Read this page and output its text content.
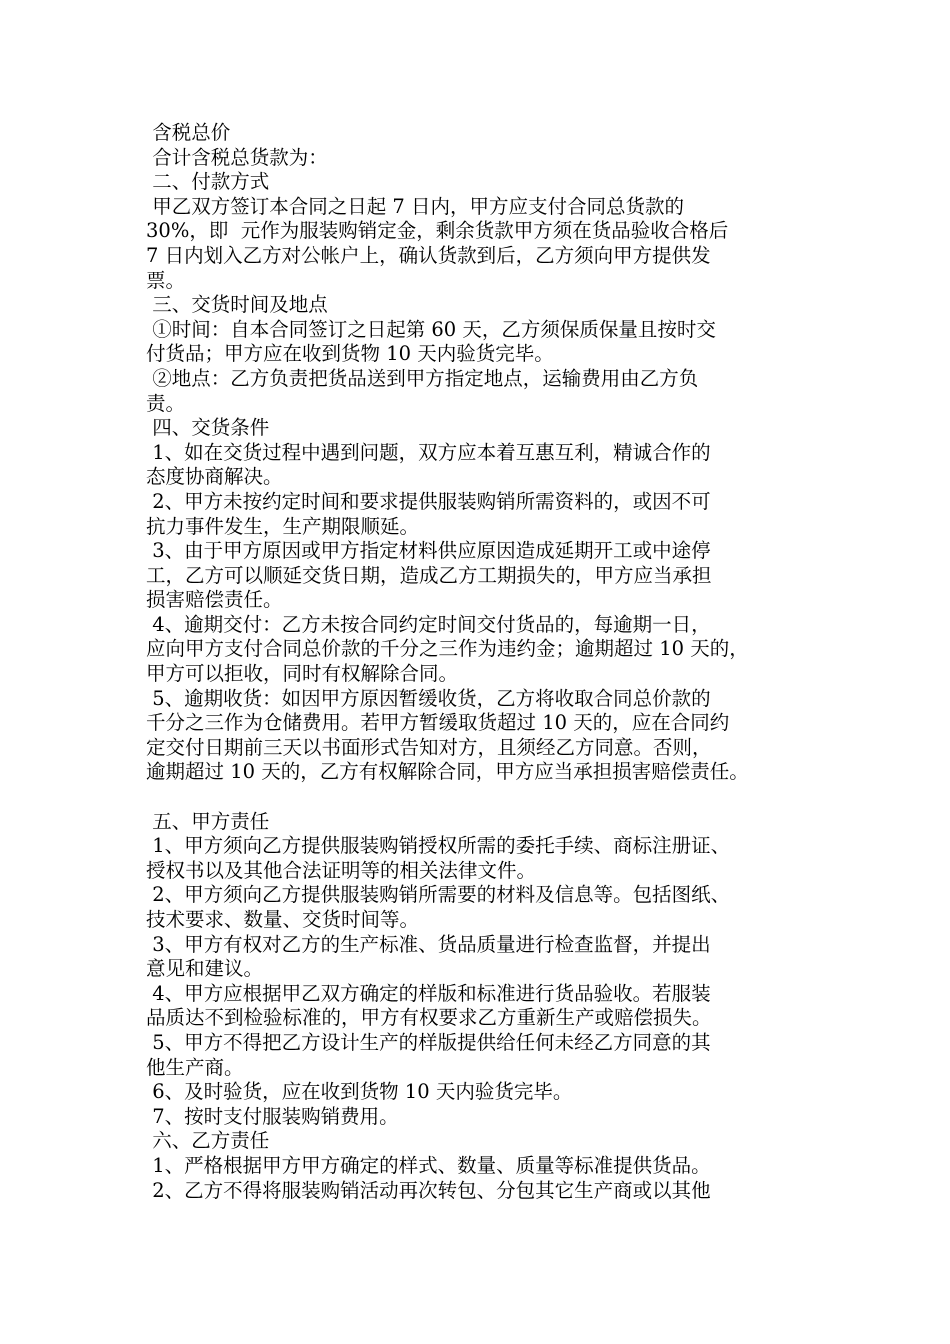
含税总价
合计含税总货款为：
二、付款方式
甲乙双方签订本合同之日起 7 日内，甲方应支付合同总货款的
30%，即  元作为服装购销定金，剩余货款甲方须在货品验收合格后
7 日内划入乙方对公帐户上，确认货款到后，乙方须向甲方提供发
票。
三、交货时间及地点
①时间：自本合同签订之日起第 60 天，乙方须保质保量且按时交
付货品；甲方应在收到货物 10 天内验货完毕。
②地点：乙方负责把货品送到甲方指定地点，运输费用由乙方负
责。
四、交货条件
1、如在交货过程中遇到问题，双方应本着互惠互利，精诚合作的
态度协商解决。
2、甲方未按约定时间和要求提供服装购销所需资料的，或因不可
抗力事件发生，生产期限顺延。
3、由于甲方原因或甲方指定材料供应原因造成延期开工或中途停
工，乙方可以顺延交货日期，造成乙方工期损失的，甲方应当承担
损害赔偿责任。
4、逾期交付：乙方未按合同约定时间交付货品的，每逾期一日，
应向甲方支付合同总价款的千分之三作为违约金；逾期超过 10 天的，
甲方可以拒收，同时有权解除合同。
5、逾期收货：如因甲方原因暂缓收货，乙方将收取合同总价款的
千分之三作为仓储费用。若甲方暂缓取货超过 10 天的，应在合同约
定交付日期前三天以书面形式告知对方，且须经乙方同意。否则，
逾期超过 10 天的，乙方有权解除合同，甲方应当承担损害赔偿责任。
五、甲方责任
1、甲方须向乙方提供服装购销授权所需的委托手续、商标注册证、
授权书以及其他合法证明等的相关法律文件。
2、甲方须向乙方提供服装购销所需要的材料及信息等。包括图纸、
技术要求、数量、交货时间等。
3、甲方有权对乙方的生产标准、货品质量进行检查监督，并提出
意见和建议。
4、甲方应根据甲乙双方确定的样版和标准进行货品验收。若服装
品质达不到检验标准的，甲方有权要求乙方重新生产或赔偿损失。
5、甲方不得把乙方设计生产的样版提供给任何未经乙方同意的其
他生产商。
6、及时验货，应在收到货物 10 天内验货完毕。
7、按时支付服装购销费用。
六、乙方责任
1、严格根据甲方甲方确定的样式、数量、质量等标准提供货品。
2、乙方不得将服装购销活动再次转包、分包其它生产商或以其他
